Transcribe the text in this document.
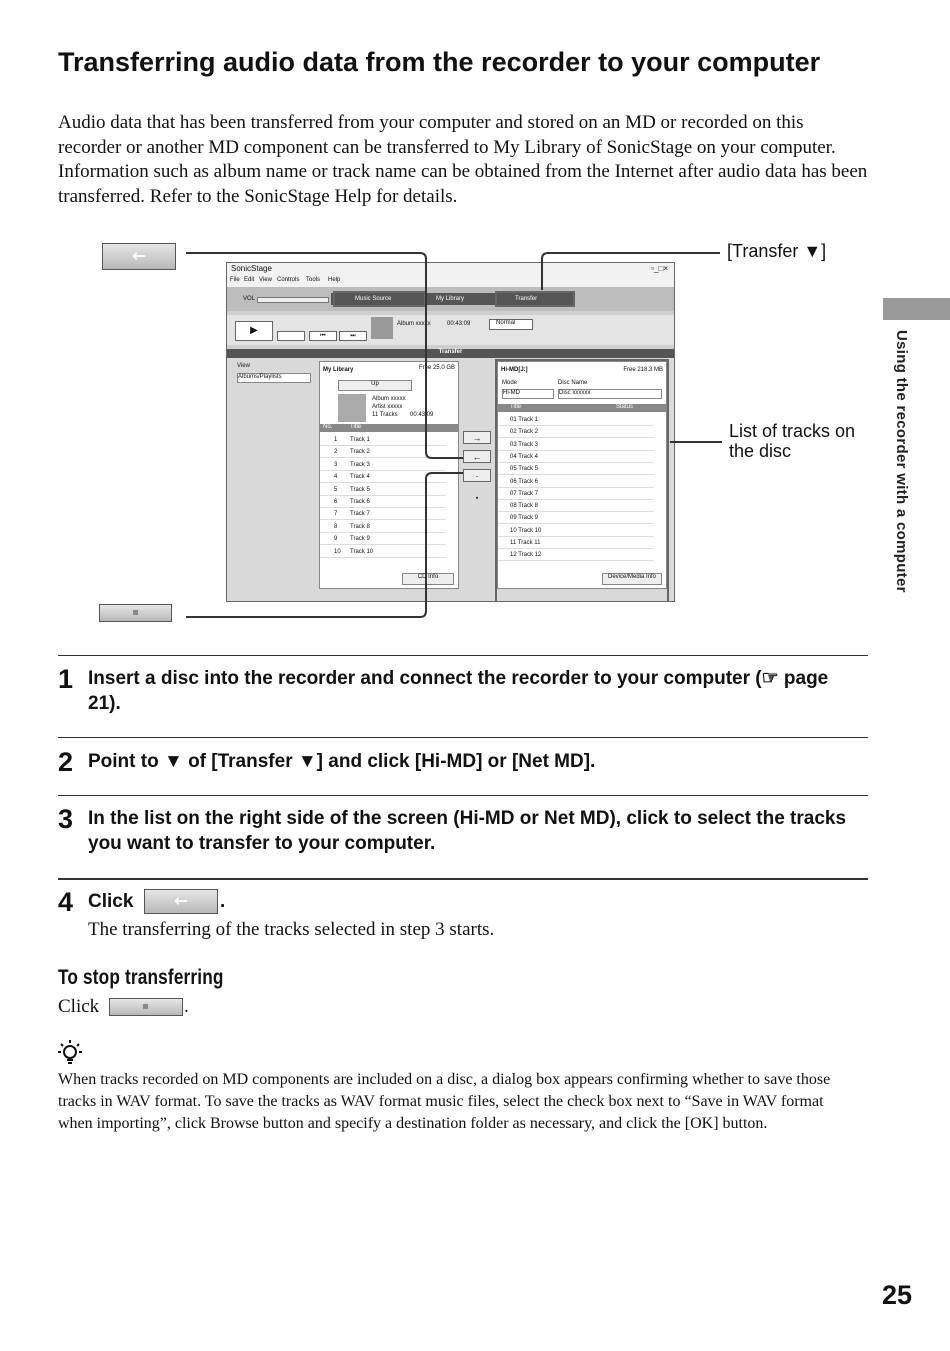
Transferring audio data from the recorder to your computer
Audio data that has been transferred from your computer and stored on an MD or recorded on this recorder or another MD component can be transferred to My Library of SonicStage on your computer.
Information such as album name or track name can be obtained from the Internet after audio data has been transferred. Refer to the SonicStage Help for details.
Using the recorder with a computer
←	[Transfer ▼]
List of tracks on
the disc
SonicStage	▫_□×
File Edit View Controls Tools Help
VOL	Music Source	My Library	Transfer
▶	⏮	⏭
Album xxxxx	00:43:09	Normal
Transfer
View
Albums/Playlists
My Library	Free 25.0 GB
Up
Album xxxxx
Artist xxxxx
11 Tracks 00:43:09
No.	Title
1 Track 1
2 Track 2
3 Track 3
4 Track 4
5 Track 5
6 Track 6
7 Track 7
8 Track 8
9 Track 9
10 Track 10
CD Info
→
←
·
▪
Hi-MD[J:]	Free 218.3 MB
Mode	Disc Name
Hi-MD	Disc xxxxxx
Title	Status
01 Track 1
02 Track 2
03 Track 3
04 Track 4
05 Track 5
06 Track 6
07 Track 7
08 Track 8
09 Track 9
10 Track 10
11 Track 11
12 Track 12
Device/Media Info
1 Insert a disc into the recorder and connect the recorder to your computer (☞ page 21).
2 Point to ▼ of [Transfer ▼] and click [Hi-MD] or [Net MD].
3 In the list on the right side of the screen (Hi-MD or Net MD), click to select the tracks you want to transfer to your computer.
4 Click	← .
The transferring of the tracks selected in step 3 starts.
To stop transferring
Click	.

When tracks recorded on MD components are included on a disc, a dialog box appears confirming whether to save those tracks in WAV format. To save the tracks as WAV format music files, select the check box next to “Save in WAV format when importing”, click Browse button and specify a destination folder as necessary, and click the [OK] button.

25
